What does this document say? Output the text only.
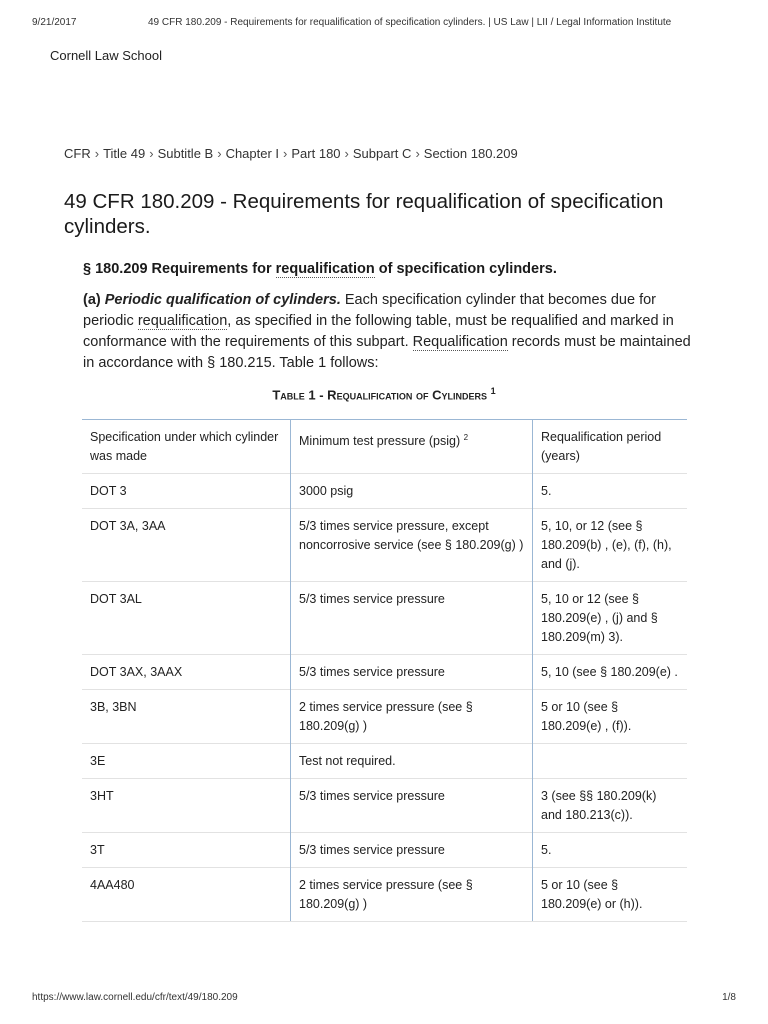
9/21/2017	49 CFR 180.209 - Requirements for requalification of specification cylinders. | US Law | LII / Legal Information Institute
Cornell Law School
CFR › Title 49 › Subtitle B › Chapter I › Part 180 › Subpart C › Section 180.209
49 CFR 180.209 - Requirements for requalification of specification cylinders.
§ 180.209 Requirements for requalification of specification cylinders.

(a) Periodic qualification of cylinders. Each specification cylinder that becomes due for periodic requalification, as specified in the following table, must be requalified and marked in conformance with the requirements of this subpart. Requalification records must be maintained in accordance with § 180.215. Table 1 follows:

Table 1 - Requalification of Cylinders $^1$
Specification under which cylinder was made	Minimum test pressure (psig) $^2$	Requalification period (years)
DOT 3	3000 psig	5.
DOT 3A, 3AA	5/3 times service pressure, except noncorrosive service (see § 180.209(g) )	5, 10, or 12 (see § 180.209(b) , (e), (f), (h), and (j).
DOT 3AL	5/3 times service pressure	5, 10 or 12 (see § 180.209(e) , (j) and § 180.209(m) 3).
DOT 3AX, 3AAX	5/3 times service pressure	5, 10 (see § 180.209(e) .
3B, 3BN	2 times service pressure (see § 180.209(g) )	5 or 10 (see § 180.209(e) , (f)).
3E	Test not required.	
3HT	5/3 times service pressure	3 (see §§ 180.209(k) and 180.213(c)).
3T	5/3 times service pressure	5.
4AA480	2 times service pressure (see § 180.209(g) )	5 or 10 (see § 180.209(e) or (h)).
https://www.law.cornell.edu/cfr/text/49/180.209	1/8
